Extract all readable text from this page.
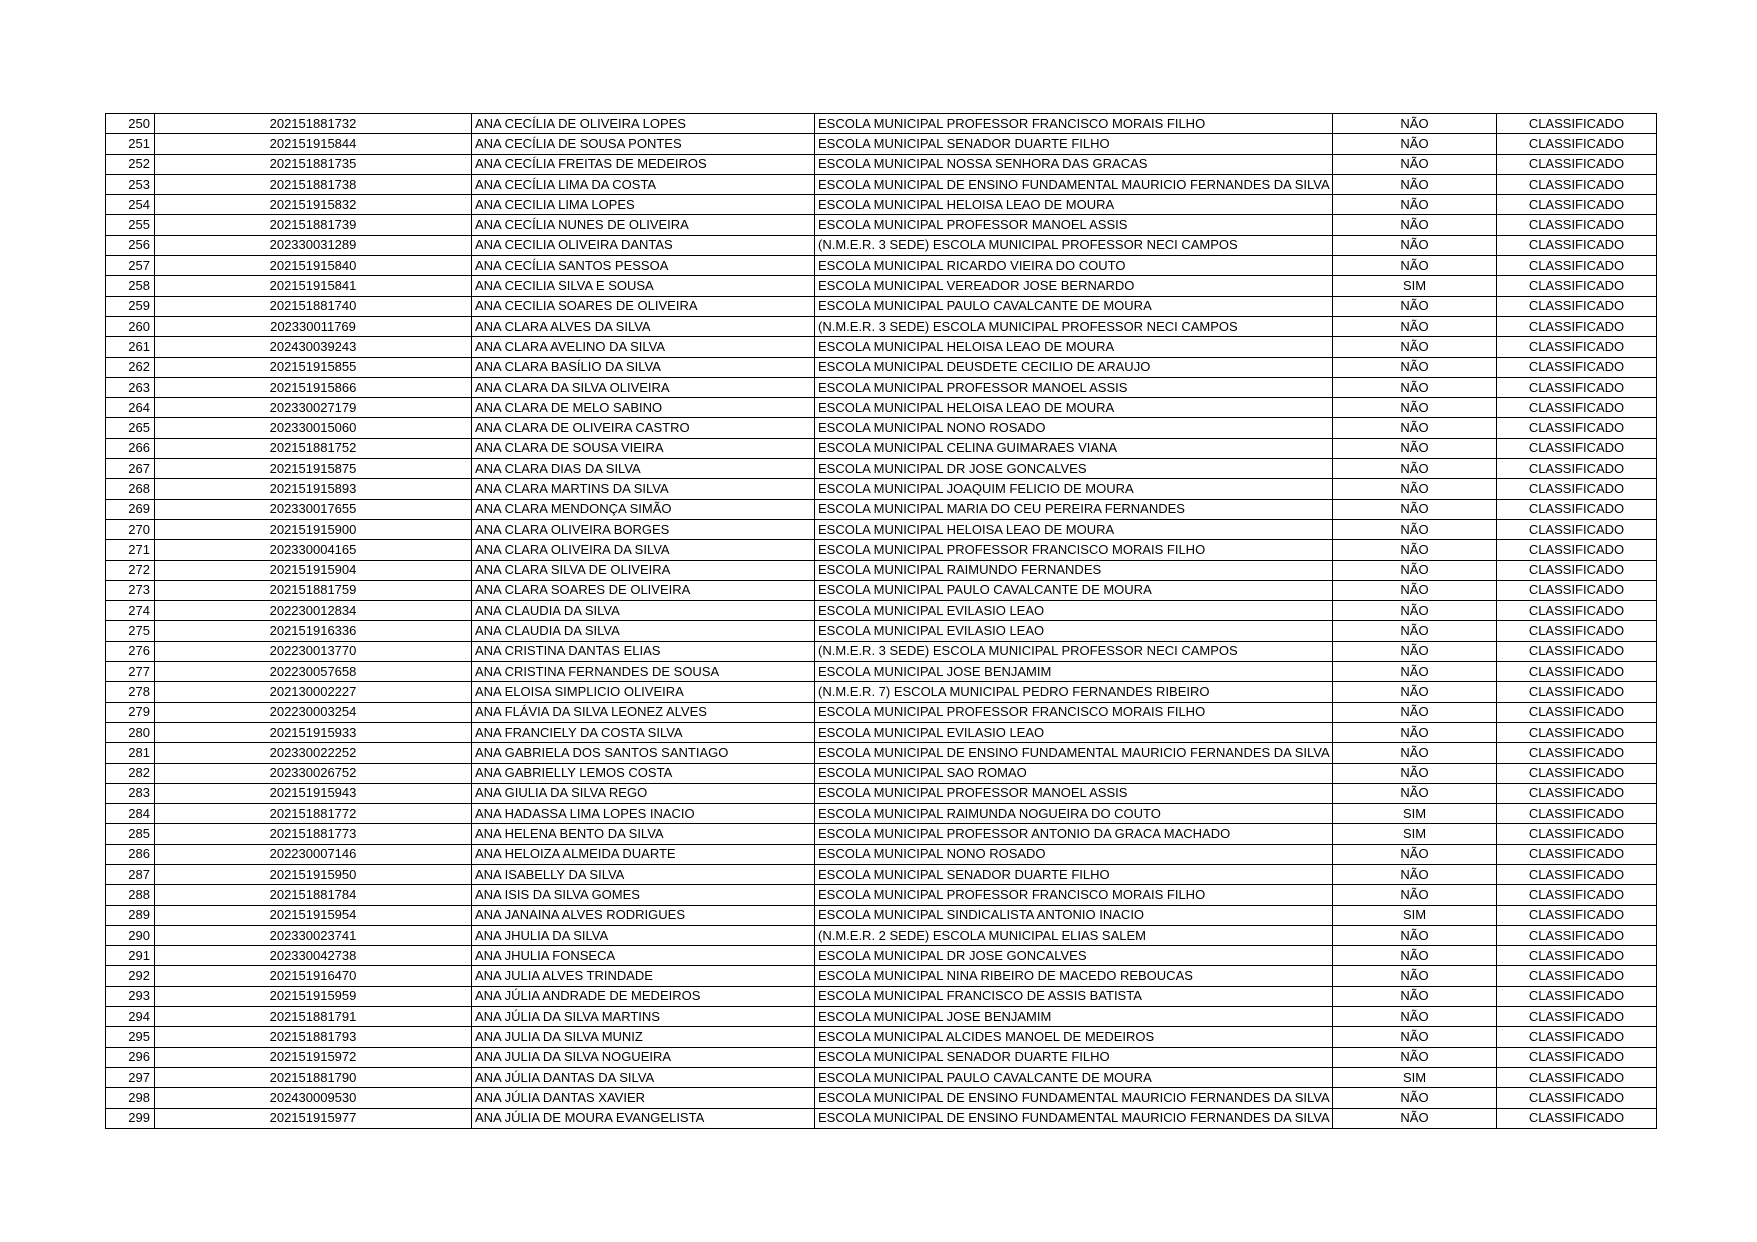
250	202151881732	ANA CECÍLIA DE OLIVEIRA LOPES	ESCOLA MUNICIPAL PROFESSOR FRANCISCO MORAIS FILHO	NÃO	CLASSIFICADO
251	202151915844	ANA CECÍLIA DE SOUSA PONTES	ESCOLA MUNICIPAL SENADOR DUARTE FILHO	NÃO	CLASSIFICADO
252	202151881735	ANA CECÍLIA FREITAS DE MEDEIROS	ESCOLA MUNICIPAL NOSSA SENHORA DAS GRACAS	NÃO	CLASSIFICADO
253	202151881738	ANA CECÍLIA LIMA DA COSTA	ESCOLA MUNICIPAL DE ENSINO FUNDAMENTAL MAURICIO FERNANDES DA SILVA	NÃO	CLASSIFICADO
254	202151915832	ANA CECILIA LIMA LOPES	ESCOLA MUNICIPAL HELOISA LEAO DE MOURA	NÃO	CLASSIFICADO
255	202151881739	ANA CECÍLIA NUNES DE OLIVEIRA	ESCOLA MUNICIPAL PROFESSOR MANOEL ASSIS	NÃO	CLASSIFICADO
256	202330031289	ANA CECILIA OLIVEIRA DANTAS	(N.M.E.R. 3 SEDE) ESCOLA MUNICIPAL PROFESSOR NECI CAMPOS	NÃO	CLASSIFICADO
257	202151915840	ANA CECÍLIA SANTOS PESSOA	ESCOLA MUNICIPAL RICARDO VIEIRA DO COUTO	NÃO	CLASSIFICADO
258	202151915841	ANA CECILIA SILVA E SOUSA	ESCOLA MUNICIPAL VEREADOR JOSE BERNARDO	SIM	CLASSIFICADO
259	202151881740	ANA CECILIA SOARES DE OLIVEIRA	ESCOLA MUNICIPAL PAULO CAVALCANTE DE MOURA	NÃO	CLASSIFICADO
260	202330011769	ANA CLARA ALVES DA SILVA	(N.M.E.R. 3 SEDE) ESCOLA MUNICIPAL PROFESSOR NECI CAMPOS	NÃO	CLASSIFICADO
261	202430039243	ANA CLARA AVELINO DA SILVA	ESCOLA MUNICIPAL HELOISA LEAO DE MOURA	NÃO	CLASSIFICADO
262	202151915855	ANA CLARA BASÍLIO DA SILVA	ESCOLA MUNICIPAL DEUSDETE CECILIO DE ARAUJO	NÃO	CLASSIFICADO
263	202151915866	ANA CLARA DA SILVA OLIVEIRA	ESCOLA MUNICIPAL PROFESSOR MANOEL ASSIS	NÃO	CLASSIFICADO
264	202330027179	ANA CLARA DE MELO SABINO	ESCOLA MUNICIPAL HELOISA LEAO DE MOURA	NÃO	CLASSIFICADO
265	202330015060	ANA CLARA DE OLIVEIRA CASTRO	ESCOLA MUNICIPAL NONO ROSADO	NÃO	CLASSIFICADO
266	202151881752	ANA CLARA DE SOUSA VIEIRA	ESCOLA MUNICIPAL CELINA GUIMARAES VIANA	NÃO	CLASSIFICADO
267	202151915875	ANA CLARA DIAS DA SILVA	ESCOLA MUNICIPAL DR JOSE GONCALVES	NÃO	CLASSIFICADO
268	202151915893	ANA CLARA MARTINS DA SILVA	ESCOLA MUNICIPAL JOAQUIM FELICIO DE MOURA	NÃO	CLASSIFICADO
269	202330017655	ANA CLARA MENDONÇA SIMÃO	ESCOLA MUNICIPAL MARIA DO CEU PEREIRA FERNANDES	NÃO	CLASSIFICADO
270	202151915900	ANA CLARA OLIVEIRA BORGES	ESCOLA MUNICIPAL HELOISA LEAO DE MOURA	NÃO	CLASSIFICADO
271	202330004165	ANA CLARA OLIVEIRA DA SILVA	ESCOLA MUNICIPAL PROFESSOR FRANCISCO MORAIS FILHO	NÃO	CLASSIFICADO
272	202151915904	ANA CLARA SILVA DE OLIVEIRA	ESCOLA MUNICIPAL RAIMUNDO FERNANDES	NÃO	CLASSIFICADO
273	202151881759	ANA CLARA SOARES DE OLIVEIRA	ESCOLA MUNICIPAL PAULO CAVALCANTE DE MOURA	NÃO	CLASSIFICADO
274	202230012834	ANA CLAUDIA DA SILVA	ESCOLA MUNICIPAL EVILASIO LEAO	NÃO	CLASSIFICADO
275	202151916336	ANA CLAUDIA DA SILVA	ESCOLA MUNICIPAL EVILASIO LEAO	NÃO	CLASSIFICADO
276	202230013770	ANA CRISTINA DANTAS ELIAS	(N.M.E.R. 3 SEDE) ESCOLA MUNICIPAL PROFESSOR NECI CAMPOS	NÃO	CLASSIFICADO
277	202230057658	ANA CRISTINA FERNANDES DE SOUSA	ESCOLA MUNICIPAL JOSE BENJAMIM	NÃO	CLASSIFICADO
278	202130002227	ANA ELOISA SIMPLICIO OLIVEIRA	(N.M.E.R. 7) ESCOLA MUNICIPAL PEDRO FERNANDES RIBEIRO	NÃO	CLASSIFICADO
279	202230003254	ANA FLÁVIA DA SILVA LEONEZ ALVES	ESCOLA MUNICIPAL PROFESSOR FRANCISCO MORAIS FILHO	NÃO	CLASSIFICADO
280	202151915933	ANA FRANCIELY DA COSTA SILVA	ESCOLA MUNICIPAL EVILASIO LEAO	NÃO	CLASSIFICADO
281	202330022252	ANA GABRIELA DOS SANTOS SANTIAGO	ESCOLA MUNICIPAL DE ENSINO FUNDAMENTAL MAURICIO FERNANDES DA SILVA	NÃO	CLASSIFICADO
282	202330026752	ANA GABRIELLY LEMOS COSTA	ESCOLA MUNICIPAL SAO ROMAO	NÃO	CLASSIFICADO
283	202151915943	ANA GIULIA DA SILVA REGO	ESCOLA MUNICIPAL PROFESSOR MANOEL ASSIS	NÃO	CLASSIFICADO
284	202151881772	ANA HADASSA LIMA LOPES INACIO	ESCOLA MUNICIPAL RAIMUNDA NOGUEIRA DO COUTO	SIM	CLASSIFICADO
285	202151881773	ANA HELENA BENTO DA SILVA	ESCOLA MUNICIPAL PROFESSOR ANTONIO DA GRACA MACHADO	SIM	CLASSIFICADO
286	202230007146	ANA HELOIZA ALMEIDA DUARTE	ESCOLA MUNICIPAL NONO ROSADO	NÃO	CLASSIFICADO
287	202151915950	ANA ISABELLY DA SILVA	ESCOLA MUNICIPAL SENADOR DUARTE FILHO	NÃO	CLASSIFICADO
288	202151881784	ANA ISIS DA SILVA GOMES	ESCOLA MUNICIPAL PROFESSOR FRANCISCO MORAIS FILHO	NÃO	CLASSIFICADO
289	202151915954	ANA JANAINA ALVES RODRIGUES	ESCOLA MUNICIPAL SINDICALISTA ANTONIO INACIO	SIM	CLASSIFICADO
290	202330023741	ANA JHULIA DA SILVA	(N.M.E.R. 2 SEDE) ESCOLA MUNICIPAL ELIAS SALEM	NÃO	CLASSIFICADO
291	202330042738	ANA JHULIA FONSECA	ESCOLA MUNICIPAL DR JOSE GONCALVES	NÃO	CLASSIFICADO
292	202151916470	ANA JULIA ALVES TRINDADE	ESCOLA MUNICIPAL NINA RIBEIRO DE MACEDO REBOUCAS	NÃO	CLASSIFICADO
293	202151915959	ANA JÚLIA ANDRADE DE MEDEIROS	ESCOLA MUNICIPAL FRANCISCO DE ASSIS BATISTA	NÃO	CLASSIFICADO
294	202151881791	ANA JÚLIA DA SILVA MARTINS	ESCOLA MUNICIPAL JOSE BENJAMIM	NÃO	CLASSIFICADO
295	202151881793	ANA JULIA DA SILVA MUNIZ	ESCOLA MUNICIPAL ALCIDES MANOEL DE MEDEIROS	NÃO	CLASSIFICADO
296	202151915972	ANA JULIA DA SILVA NOGUEIRA	ESCOLA MUNICIPAL SENADOR DUARTE FILHO	NÃO	CLASSIFICADO
297	202151881790	ANA JÚLIA DANTAS DA SILVA	ESCOLA MUNICIPAL PAULO CAVALCANTE DE MOURA	SIM	CLASSIFICADO
298	202430009530	ANA JÚLIA DANTAS XAVIER	ESCOLA MUNICIPAL DE ENSINO FUNDAMENTAL MAURICIO FERNANDES DA SILVA	NÃO	CLASSIFICADO
299	202151915977	ANA JÚLIA DE MOURA EVANGELISTA	ESCOLA MUNICIPAL DE ENSINO FUNDAMENTAL MAURICIO FERNANDES DA SILVA	NÃO	CLASSIFICADO
